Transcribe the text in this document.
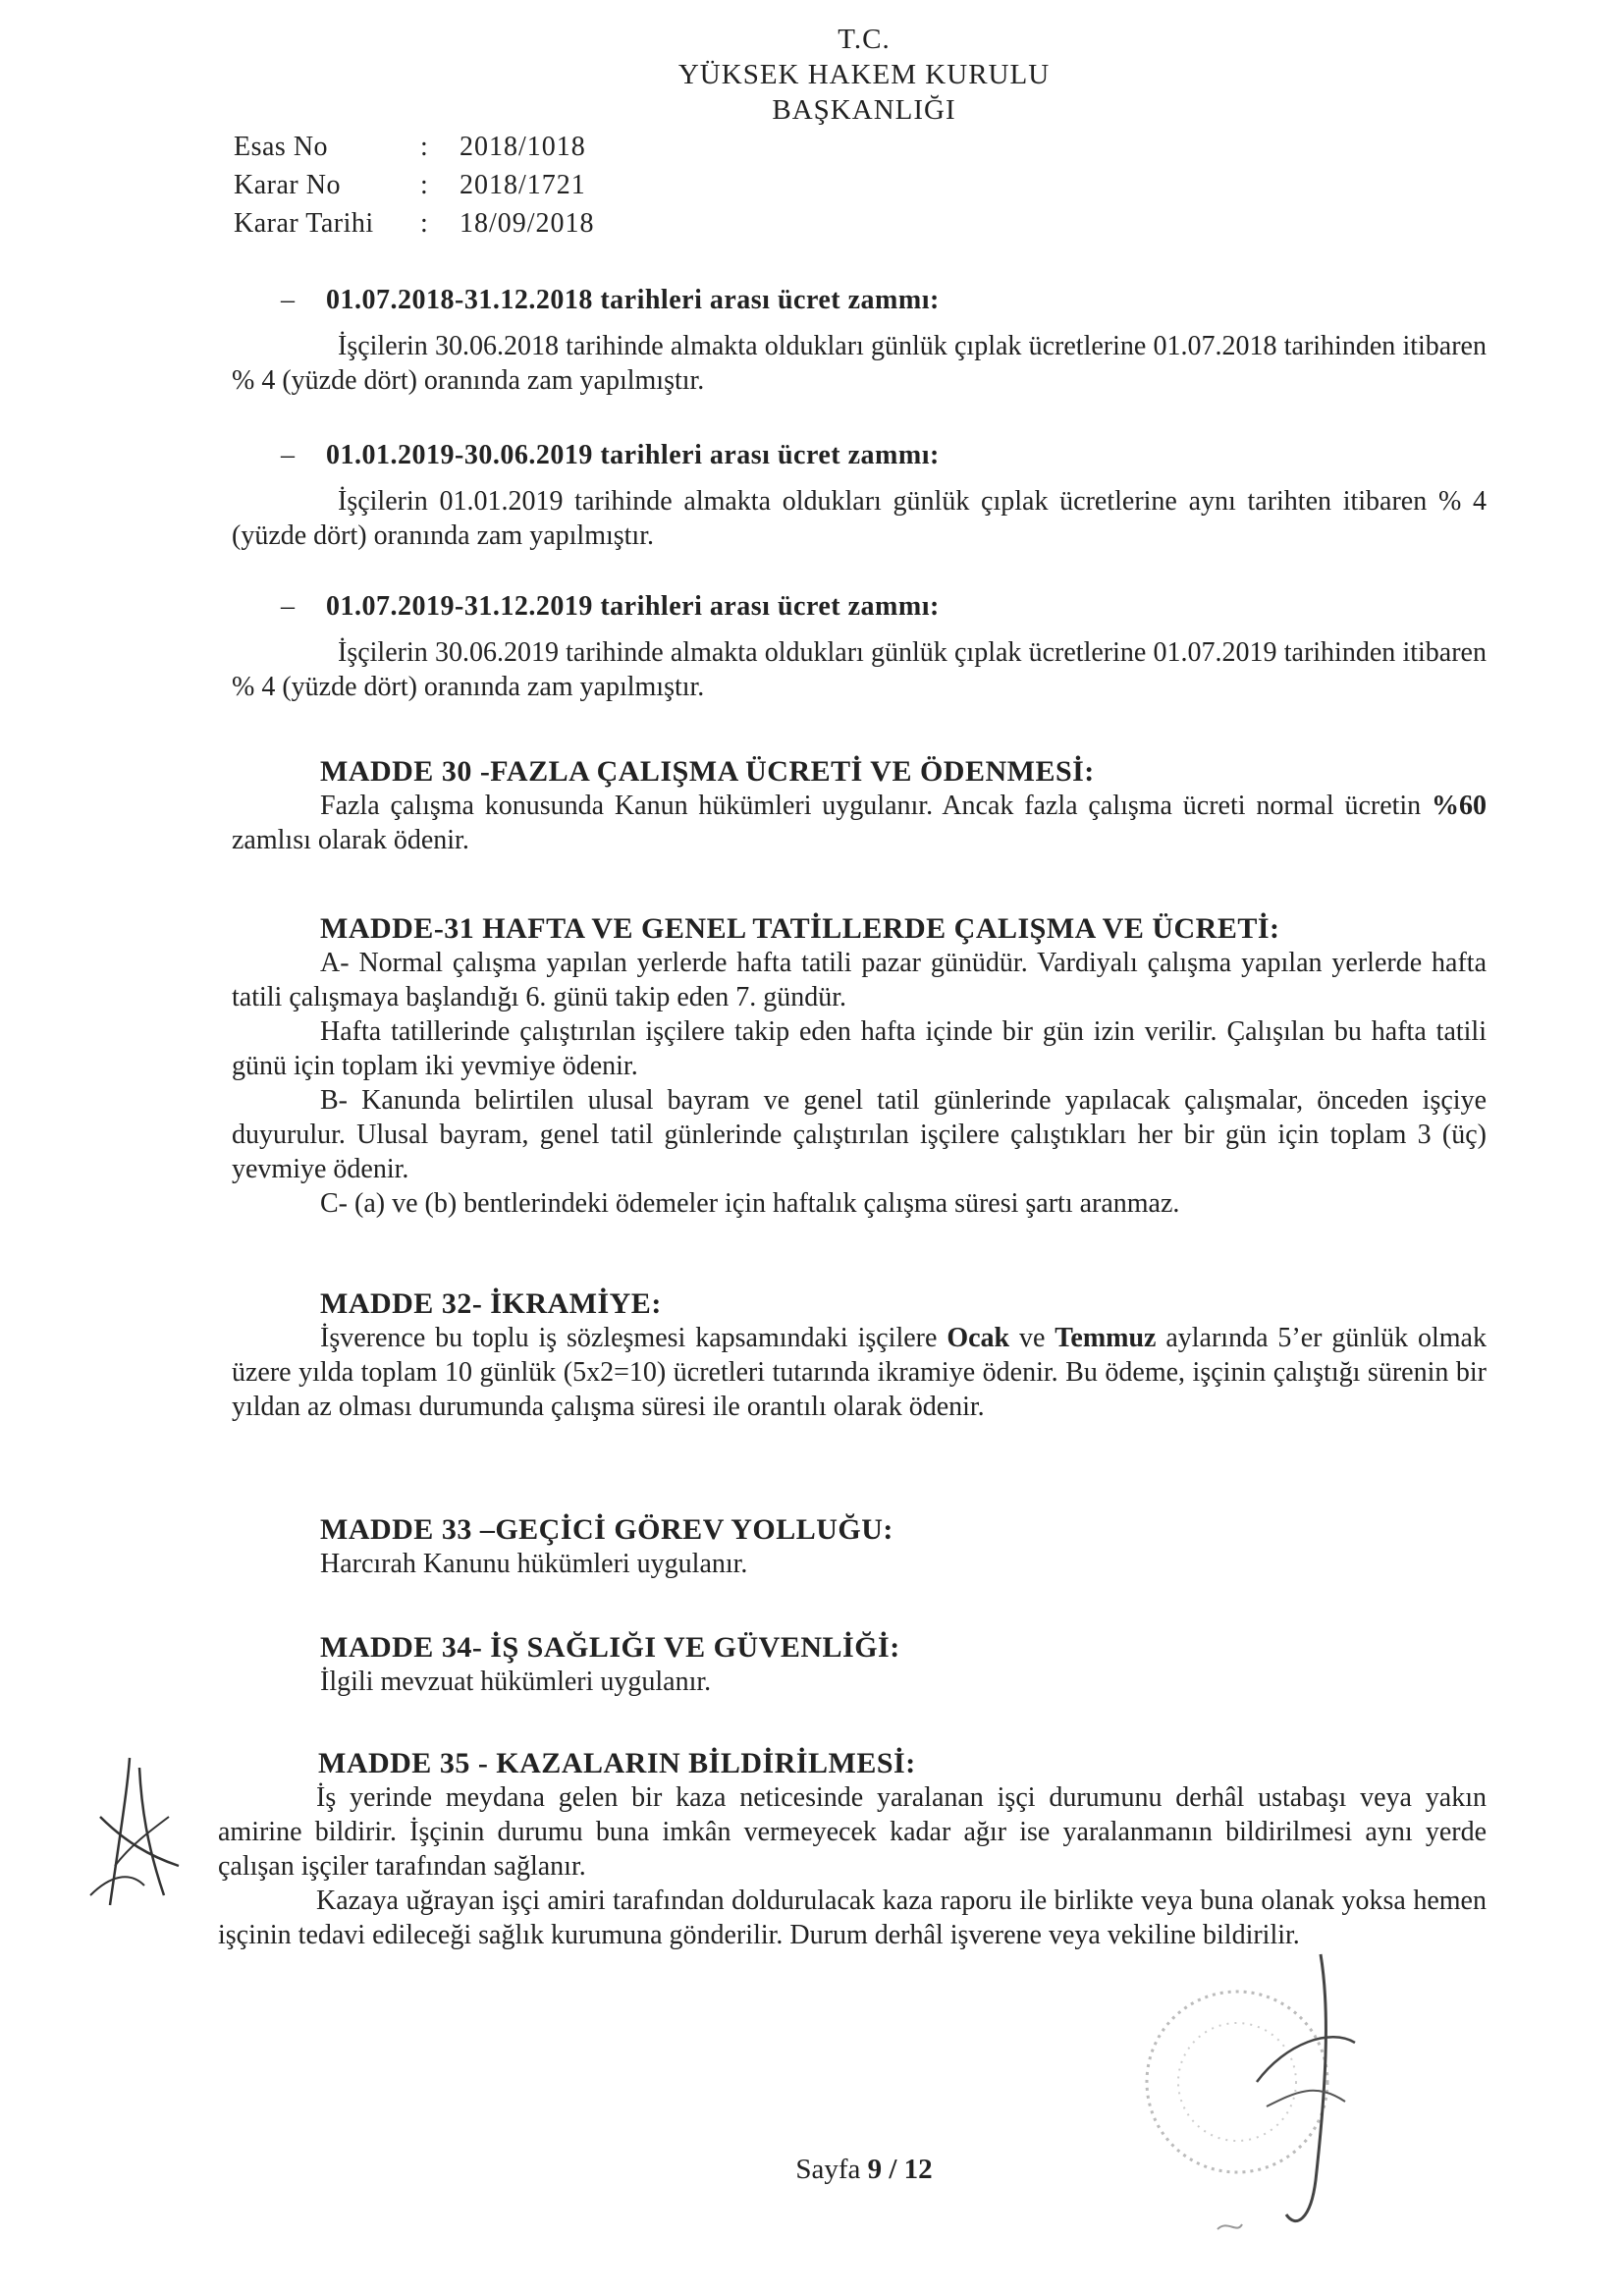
T.C.
YÜKSEK HAKEM KURULU
BAŞKANLIĞI
Esas No	:	2018/1018
Karar No	:	2018/1721
Karar Tarihi	:	18/09/2018
– 01.07.2018-31.12.2018 tarihleri arası ücret zammı:
İşçilerin 30.06.2018 tarihinde almakta oldukları günlük çıplak ücretlerine 01.07.2018 tarihinden itibaren % 4 (yüzde dört) oranında zam yapılmıştır.
– 01.01.2019-30.06.2019 tarihleri arası ücret zammı:
İşçilerin 01.01.2019 tarihinde almakta oldukları günlük çıplak ücretlerine aynı tarihten itibaren % 4 (yüzde dört) oranında zam yapılmıştır.
– 01.07.2019-31.12.2019 tarihleri arası ücret zammı:
İşçilerin 30.06.2019 tarihinde almakta oldukları günlük çıplak ücretlerine 01.07.2019 tarihinden itibaren % 4 (yüzde dört) oranında zam yapılmıştır.
MADDE 30 -FAZLA ÇALIŞMA ÜCRETİ VE ÖDENMESİ:
Fazla çalışma konusunda Kanun hükümleri uygulanır. Ancak fazla çalışma ücreti normal ücretin %60 zamlısı olarak ödenir.
MADDE-31 HAFTA VE GENEL TATİLLERDE ÇALIŞMA VE ÜCRETİ:
A- Normal çalışma yapılan yerlerde hafta tatili pazar günüdür. Vardiyalı çalışma yapılan yerlerde hafta tatili çalışmaya başlandığı 6. günü takip eden 7. gündür.
Hafta tatillerinde çalıştırılan işçilere takip eden hafta içinde bir gün izin verilir. Çalışılan bu hafta tatili günü için toplam iki yevmiye ödenir.
B- Kanunda belirtilen ulusal bayram ve genel tatil günlerinde yapılacak çalışmalar, önceden işçiye duyurulur. Ulusal bayram, genel tatil günlerinde çalıştırılan işçilere çalıştıkları her bir gün için toplam 3 (üç) yevmiye ödenir.
C- (a) ve (b) bentlerindeki ödemeler için haftalık çalışma süresi şartı aranmaz.
MADDE 32- İKRAMİYE:
İşverence bu toplu iş sözleşmesi kapsamındaki işçilere Ocak ve Temmuz aylarında 5’er günlük olmak üzere yılda toplam 10 günlük (5x2=10) ücretleri tutarında ikramiye ödenir. Bu ödeme, işçinin çalıştığı sürenin bir yıldan az olması durumunda çalışma süresi ile orantılı olarak ödenir.
MADDE 33 –GEÇİCİ GÖREV YOLLUĞU:
Harcırah Kanunu hükümleri uygulanır.
MADDE 34- İŞ SAĞLIĞI VE GÜVENLİĞİ:
İlgili mevzuat hükümleri uygulanır.
MADDE 35 - KAZALARIN BİLDİRİLMESİ:
İş yerinde meydana gelen bir kaza neticesinde yaralanan işçi durumunu derhâl ustabaşı veya yakın amirine bildirir. İşçinin durumu buna imkân vermeyecek kadar ağır ise yaralanmanın bildirilmesi aynı yerde çalışan işçiler tarafından sağlanır.
Kazaya uğrayan işçi amiri tarafından doldurulacak kaza raporu ile birlikte veya buna olanak yoksa hemen işçinin tedavi edileceği sağlık kurumuna gönderilir. Durum derhâl işverene veya vekiline bildirilir.
Sayfa 9 / 12
